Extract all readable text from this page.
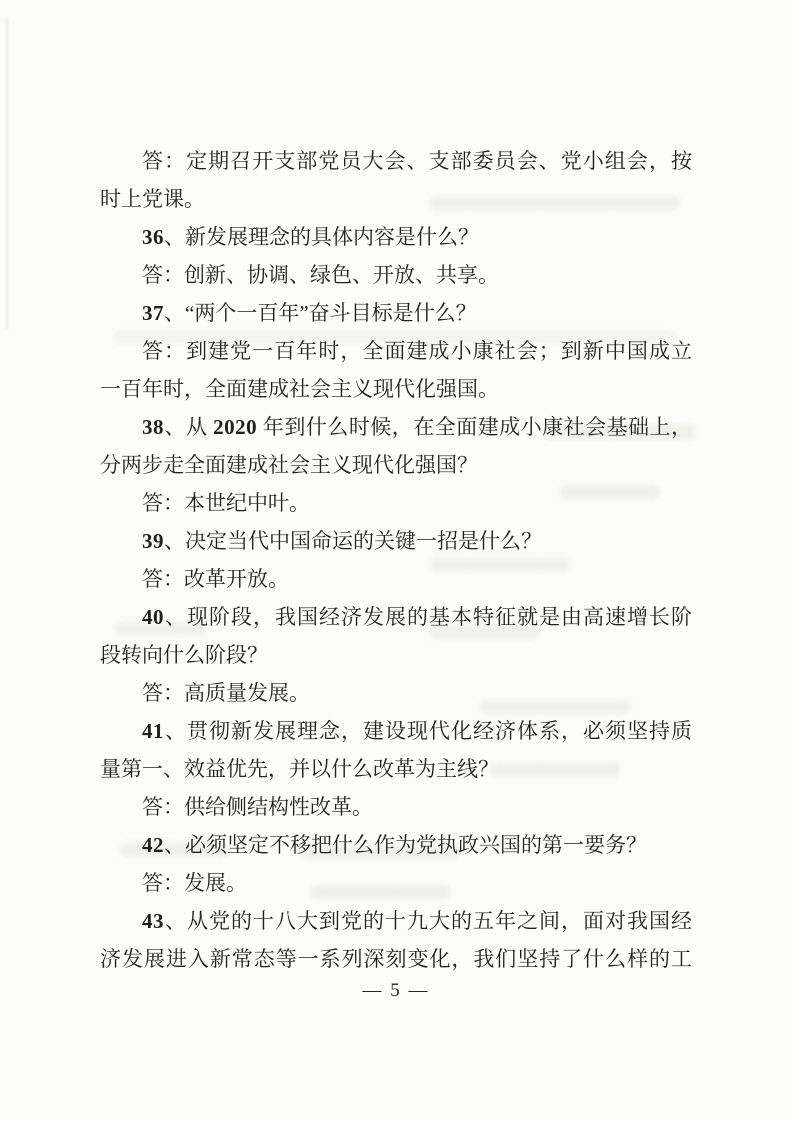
答：定期召开支部党员大会、支部委员会、党小组会，按
时上党课。
36、新发展理念的具体内容是什么？
答：创新、协调、绿色、开放、共享。
37、“两个一百年”奋斗目标是什么？
答：到建党一百年时，全面建成小康社会；到新中国成立
一百年时，全面建成社会主义现代化强国。
38、从 2020 年到什么时候，在全面建成小康社会基础上，
分两步走全面建成社会主义现代化强国？
答：本世纪中叶。
39、决定当代中国命运的关键一招是什么？
答：改革开放。
40、现阶段，我国经济发展的基本特征就是由高速增长阶
段转向什么阶段？
答：高质量发展。
41、贯彻新发展理念，建设现代化经济体系，必须坚持质
量第一、效益优先，并以什么改革为主线？
答：供给侧结构性改革。
42、必须坚定不移把什么作为党执政兴国的第一要务？
答：发展。
43、从党的十八大到党的十九大的五年之间，面对我国经
济发展进入新常态等一系列深刻变化，我们坚持了什么样的工
— 5 —
